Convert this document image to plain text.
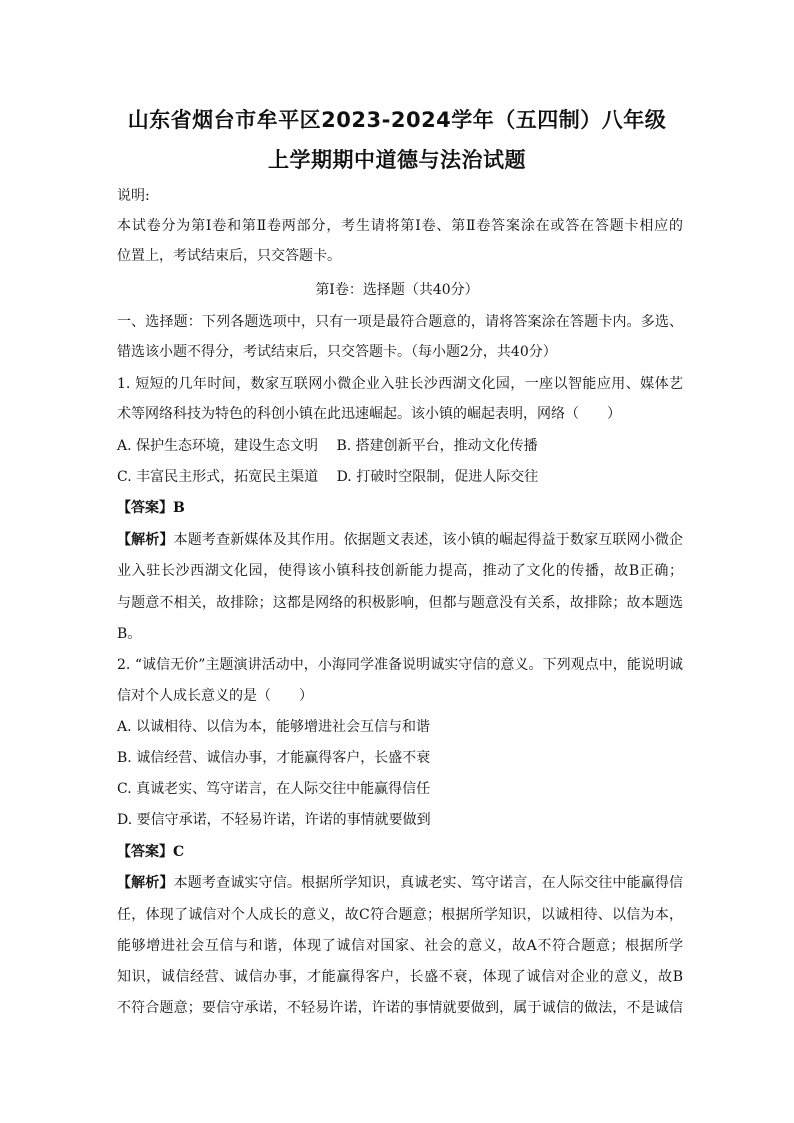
山东省烟台市牟平区2023-2024学年（五四制）八年级
上学期期中道德与法治试题
说明:
本试卷分为第Ⅰ卷和第Ⅱ卷两部分，考生请将第Ⅰ卷、第Ⅱ卷答案涂在或答在答题卡相应的
位置上，考试结束后，只交答题卡。
第Ⅰ卷：选择题（共40分）
一、选择题：下列各题选项中，只有一项是最符合题意的，请将答案涂在答题卡内。多选、
错选该小题不得分，考试结束后，只交答题卡。（每小题2分，共40分）
1. 短短的几年时间，数家互联网小微企业入驻长沙西湖文化园，一座以智能应用、媒体艺
术等网络科技为特色的科创小镇在此迅速崛起。该小镇的崛起表明，网络（　　）
A. 保护生态环境，建设生态文明　 B. 搭建创新平台，推动文化传播
C. 丰富民主形式，拓宽民主渠道　 D. 打破时空限制，促进人际交往
【答案】B
【解析】本题考查新媒体及其作用。依据题文表述，该小镇的崛起得益于数家互联网小微企
业入驻长沙西湖文化园，使得该小镇科技创新能力提高，推动了文化的传播，故B正确；
与题意不相关，故排除；这都是网络的积极影响，但都与题意没有关系，故排除；故本题选
B。
2. “诚信无价”主题演讲活动中，小海同学准备说明诚实守信的意义。下列观点中，能说明诚
信对个人成长意义的是（　　）
A. 以诚相待、以信为本，能够增进社会互信与和谐
B. 诚信经营、诚信办事，才能赢得客户，长盛不衰
C. 真诚老实、笃守诺言，在人际交往中能赢得信任
D. 要信守承诺，不轻易许诺，许诺的事情就要做到
【答案】C
【解析】本题考查诚实守信。根据所学知识，真诚老实、笃守诺言，在人际交往中能赢得信
任，体现了诚信对个人成长的意义，故C符合题意；根据所学知识，以诚相待、以信为本，
能够增进社会互信与和谐，体现了诚信对国家、社会的意义，故A不符合题意；根据所学
知识，诚信经营、诚信办事，才能赢得客户，长盛不衰，体现了诚信对企业的意义，故B
不符合题意；要信守承诺，不轻易许诺，许诺的事情就要做到，属于诚信的做法，不是诚信
